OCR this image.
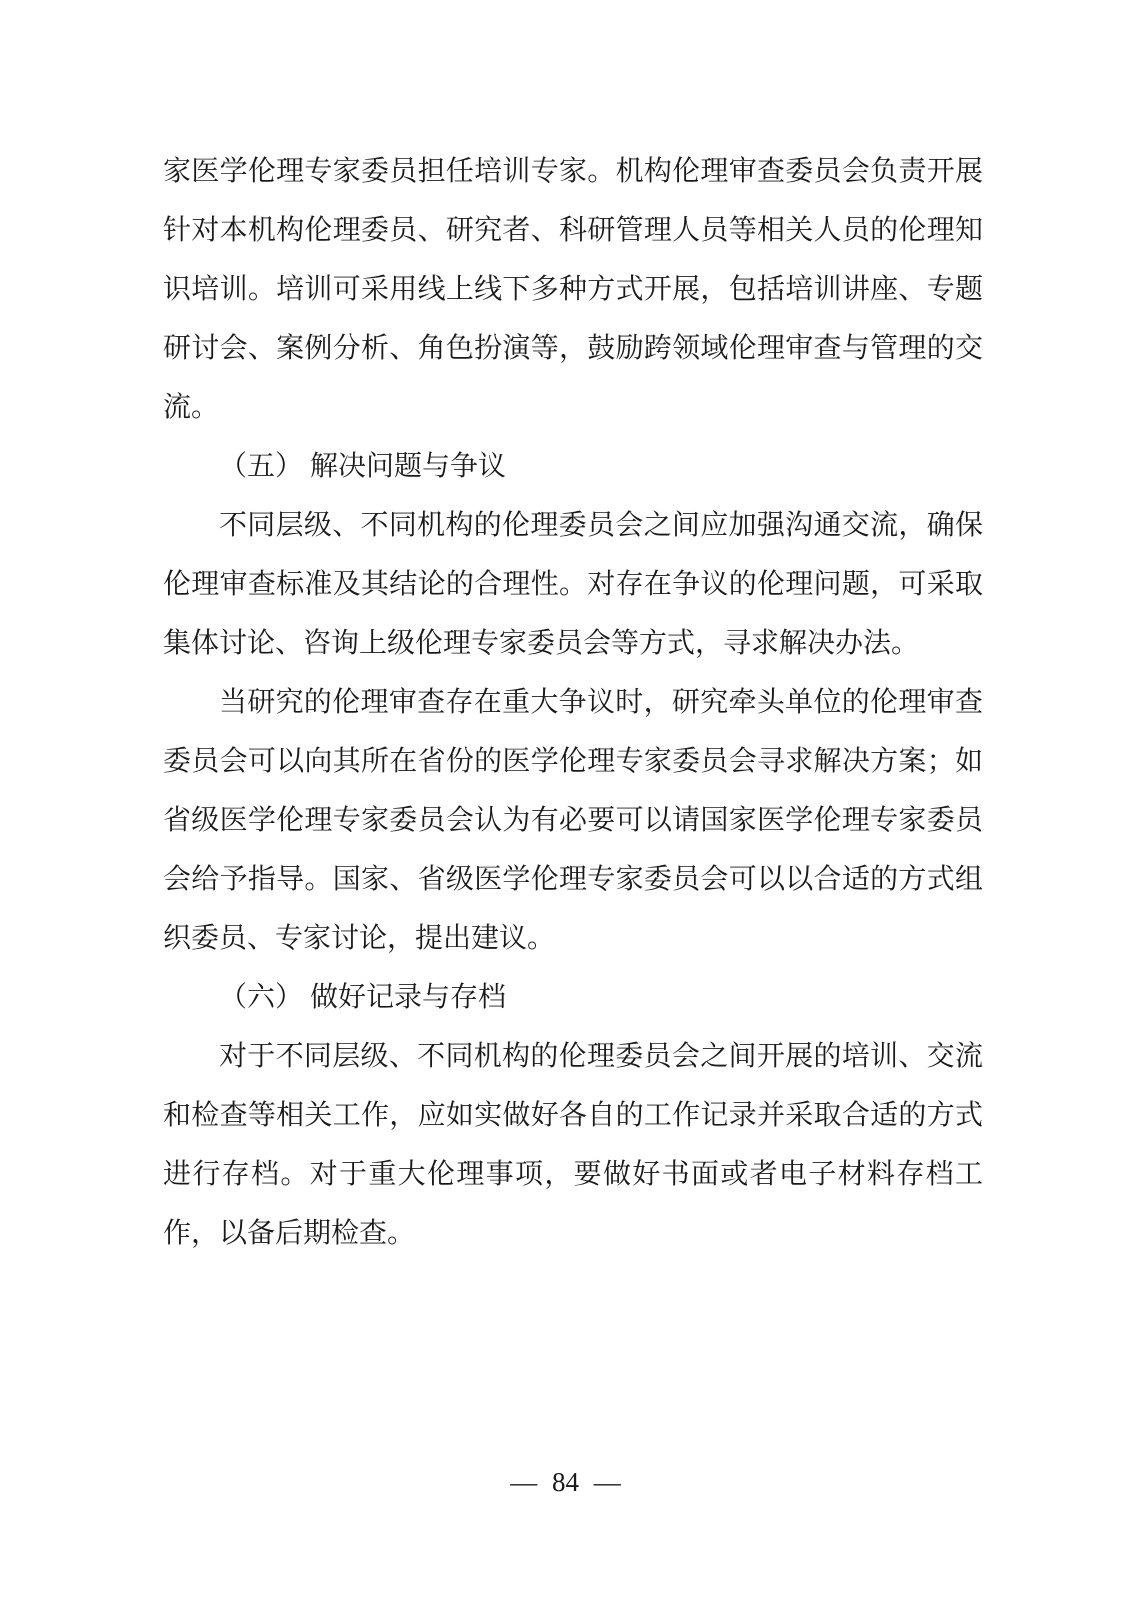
家医学伦理专家委员担任培训专家。机构伦理审查委员会负责开展针对本机构伦理委员、研究者、科研管理人员等相关人员的伦理知识培训。培训可采用线上线下多种方式开展，包括培训讲座、专题研讨会、案例分析、角色扮演等，鼓励跨领域伦理审查与管理的交流。

（五） 解决问题与争议

不同层级、不同机构的伦理委员会之间应加强沟通交流，确保伦理审查标准及其结论的合理性。对存在争议的伦理问题，可采取集体讨论、咨询上级伦理专家委员会等方式，寻求解决办法。

当研究的伦理审查存在重大争议时，研究牵头单位的伦理审查委员会可以向其所在省份的医学伦理专家委员会寻求解决方案；如省级医学伦理专家委员会认为有必要可以请国家医学伦理专家委员会给予指导。国家、省级医学伦理专家委员会可以以合适的方式组织委员、专家讨论，提出建议。

（六） 做好记录与存档

对于不同层级、不同机构的伦理委员会之间开展的培训、交流和检查等相关工作，应如实做好各自的工作记录并采取合适的方式进行存档。对于重大伦理事项，要做好书面或者电子材料存档工作，以备后期检查。

— 84 —
